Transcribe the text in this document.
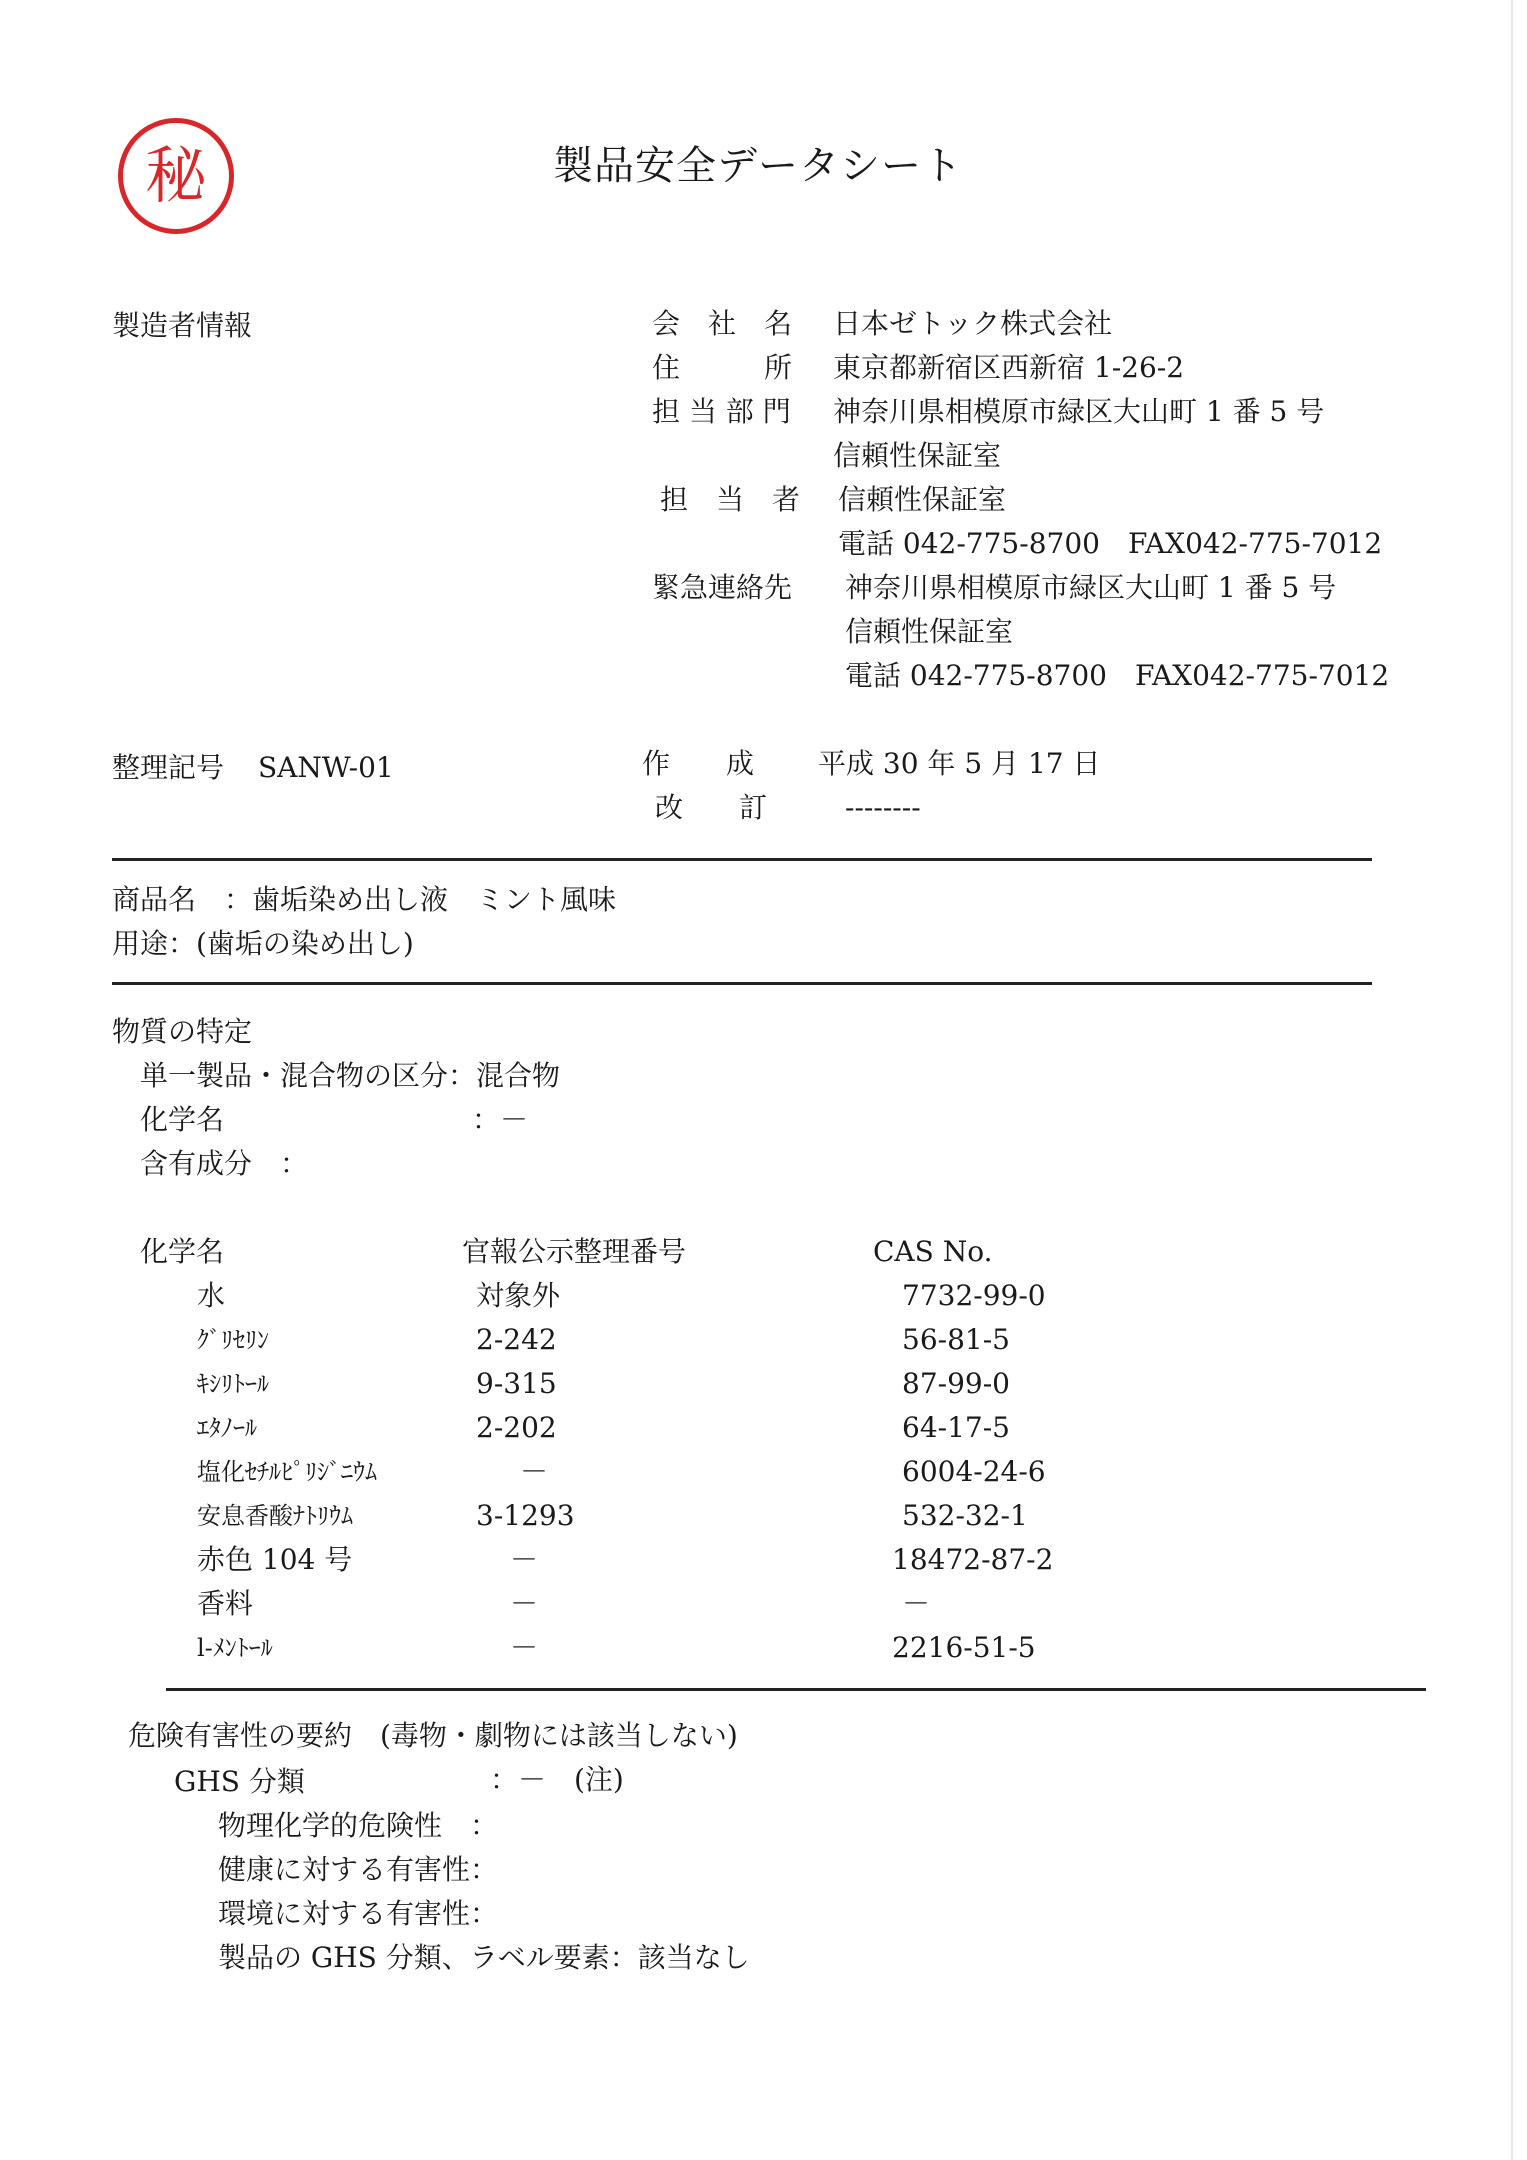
秘	製品安全データシート
製造者情報	会　社　名 日本ゼトック株式会社
住　　　所 東京都新宿区西新宿 1-26-2
担 当 部 門 神奈川県相模原市緑区大山町 1 番 5 号
信頼性保証室
担　当　者 信頼性保証室
電話 042-775-8700　FAX042-775-7012
緊急連絡先 神奈川県相模原市緑区大山町 1 番 5 号
信頼性保証室
電話 042-775-8700　FAX042-775-7012
整理記号 SANW-01	作　　成 平成 30 年 5 月 17 日
改　　訂	--------
商品名　：歯垢染め出し液　ミント風味
用途：(歯垢の染め出し)
物質の特定
単一製品・混合物の区分：混合物
化学名	：－
含有成分　：
化学名	官報公示整理番号	CAS No.
水	対象外	7732-99-0
ｸﾞﾘｾﾘﾝ	2-242	56-81-5
ｷｼﾘﾄｰﾙ	9-315	87-99-0
ｴﾀﾉｰﾙ	2-202	64-17-5
塩化ｾﾁﾙﾋﾟﾘｼﾞﾆｳﾑ	－	6004-24-6
安息香酸ﾅﾄﾘｳﾑ	3-1293	532-32-1
赤色 104 号	－	18472-87-2
香料	－	－
l-ﾒﾝﾄｰﾙ	－	2216-51-5
危険有害性の要約　(毒物・劇物には該当しない)
GHS 分類	：－　(注)
物理化学的危険性　：
健康に対する有害性：
環境に対する有害性：
製品の GHS 分類、ラベル要素：該当なし
